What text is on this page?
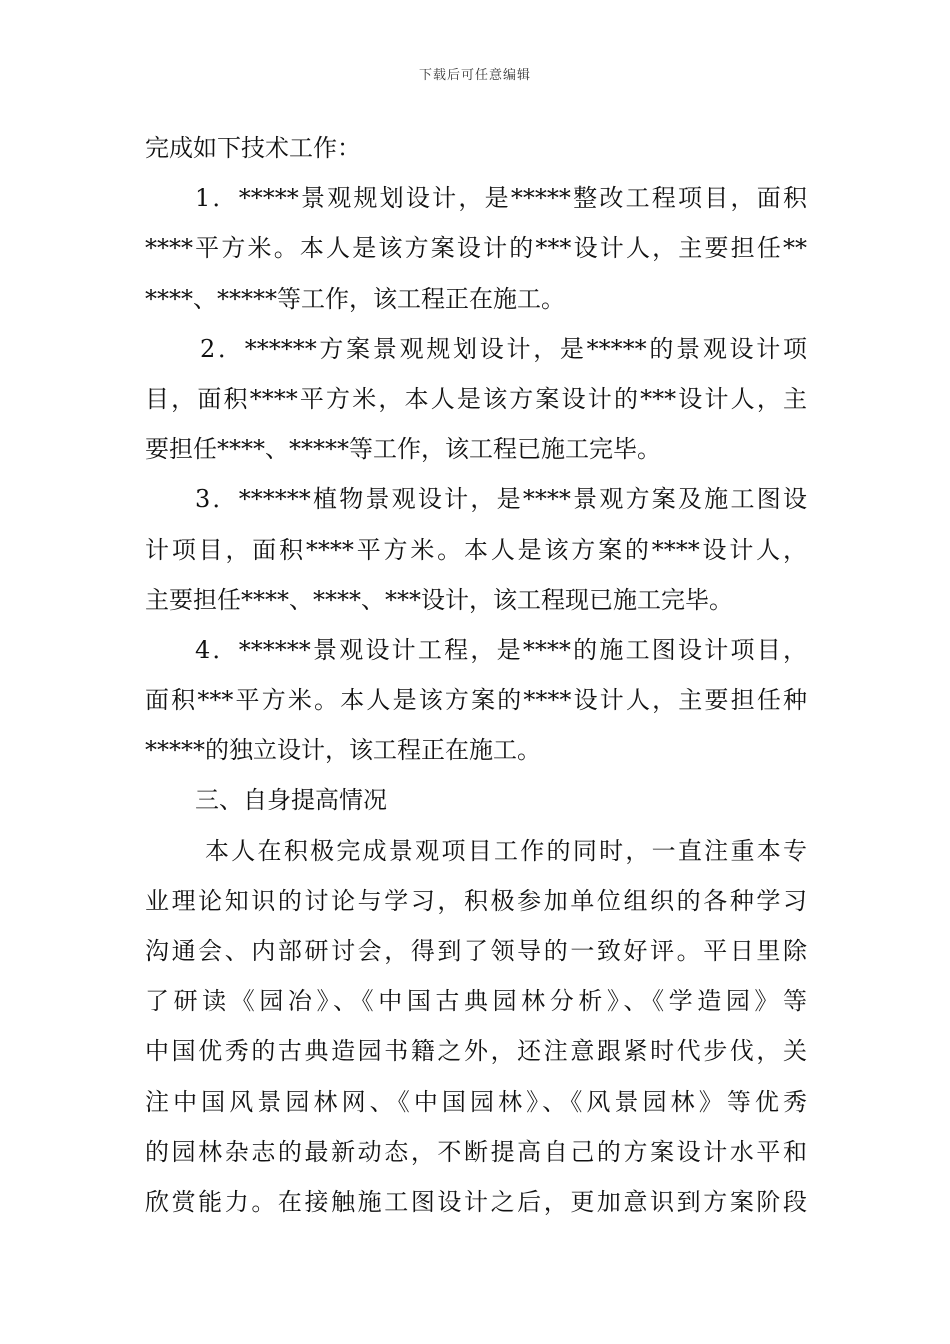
下载后可任意编辑
完成如下技术工作：
1．*****景观规划设计，是*****整改工程项目，面积
****平方米。本人是该方案设计的***设计人，主要担任**
****、*****等工作，该工程正在施工。
2．******方案景观规划设计，是*****的景观设计项
目，面积****平方米，本人是该方案设计的***设计人，主
要担任****、*****等工作，该工程已施工完毕。
3．******植物景观设计，是****景观方案及施工图设
计项目，面积****平方米。本人是该方案的****设计人，
主要担任****、****、***设计，该工程现已施工完毕。
4．******景观设计工程，是****的施工图设计项目，
面积***平方米。本人是该方案的****设计人，主要担任种
*****的独立设计，该工程正在施工。
三、自身提高情况
本人在积极完成景观项目工作的同时，一直注重本专
业理论知识的讨论与学习，积极参加单位组织的各种学习
沟通会、内部研讨会，得到了领导的一致好评。平日里除
了研读《园冶》、《中国古典园林分析》、《学造园》等
中国优秀的古典造园书籍之外，还注意跟紧时代步伐，关
注中国风景园林网、《中国园林》、《风景园林》等优秀
的园林杂志的最新动态，不断提高自己的方案设计水平和
欣赏能力。在接触施工图设计之后，更加意识到方案阶段
